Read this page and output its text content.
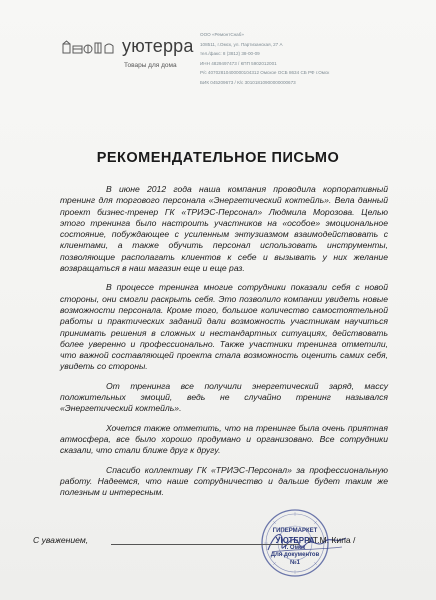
уютерра
Товары для дома
ООО «РемонтСнаб»
108511, г.Омск, ул. Партизанская, 27 А
тел./факс: 8 (3812) 38-00-09
ИНН 4829497473 / КПП 5902012001
Р/с 40702810400000104312 Омское ОСБ 8634 СБ РФ г.Омск
БИК 045209673 / К/с 30101810900000000673
РЕКОМЕНДАТЕЛЬНОЕ ПИСЬМО

В июне 2012 года наша компания проводила корпоративный тренинг для торгового персонала «Энергетический коктейль». Вела данный проект бизнес-тренер ГК «ТРИЭС-Персонал» Людмила Морозова. Целью этого тренинга было настроить участников на «особое» эмоциональное состояние, побуждающее с усиленным энтузиазмом взаимодействовать с клиентами, а также обучить персонал использовать инструменты, позволяющие располагать клиентов к себе и вызывать у них желание возвращаться в наш магазин еще и еще раз.

В процессе тренинга многие сотрудники показали себя с новой стороны, они смогли раскрыть себя. Это позволило компании увидеть новые возможности персонала. Кроме того, большое количество самостоятельной работы и практических заданий дали возможность участникам научиться принимать решения в сложных и нестандартных ситуациях, действовать более уверенно и профессионально. Также участники тренинга отметили, что важной составляющей проекта стала возможность оценить самих себя, увидеть со стороны.

От тренинга все получили энергетический заряд, массу положительных эмоций, ведь не случайно тренинг назывался «Энергетический коктейль».

Хочется также отметить, что на тренинге была очень приятная атмосфера, все было хорошо продумано и организовано. Все сотрудники сказали, что стали ближе друг к другу.

Спасибо коллективу ГК «ТРИЭС-Персонал» за профессиональную работу. Надеемся, что наше сотрудничество и дальше будет таким же полезным и интересным.

ГИПЕРМАРКЕТ
УЮТЕРРА
г. Омск
Для документов
№1
С уважением,	/ Т.М. Кипа /
